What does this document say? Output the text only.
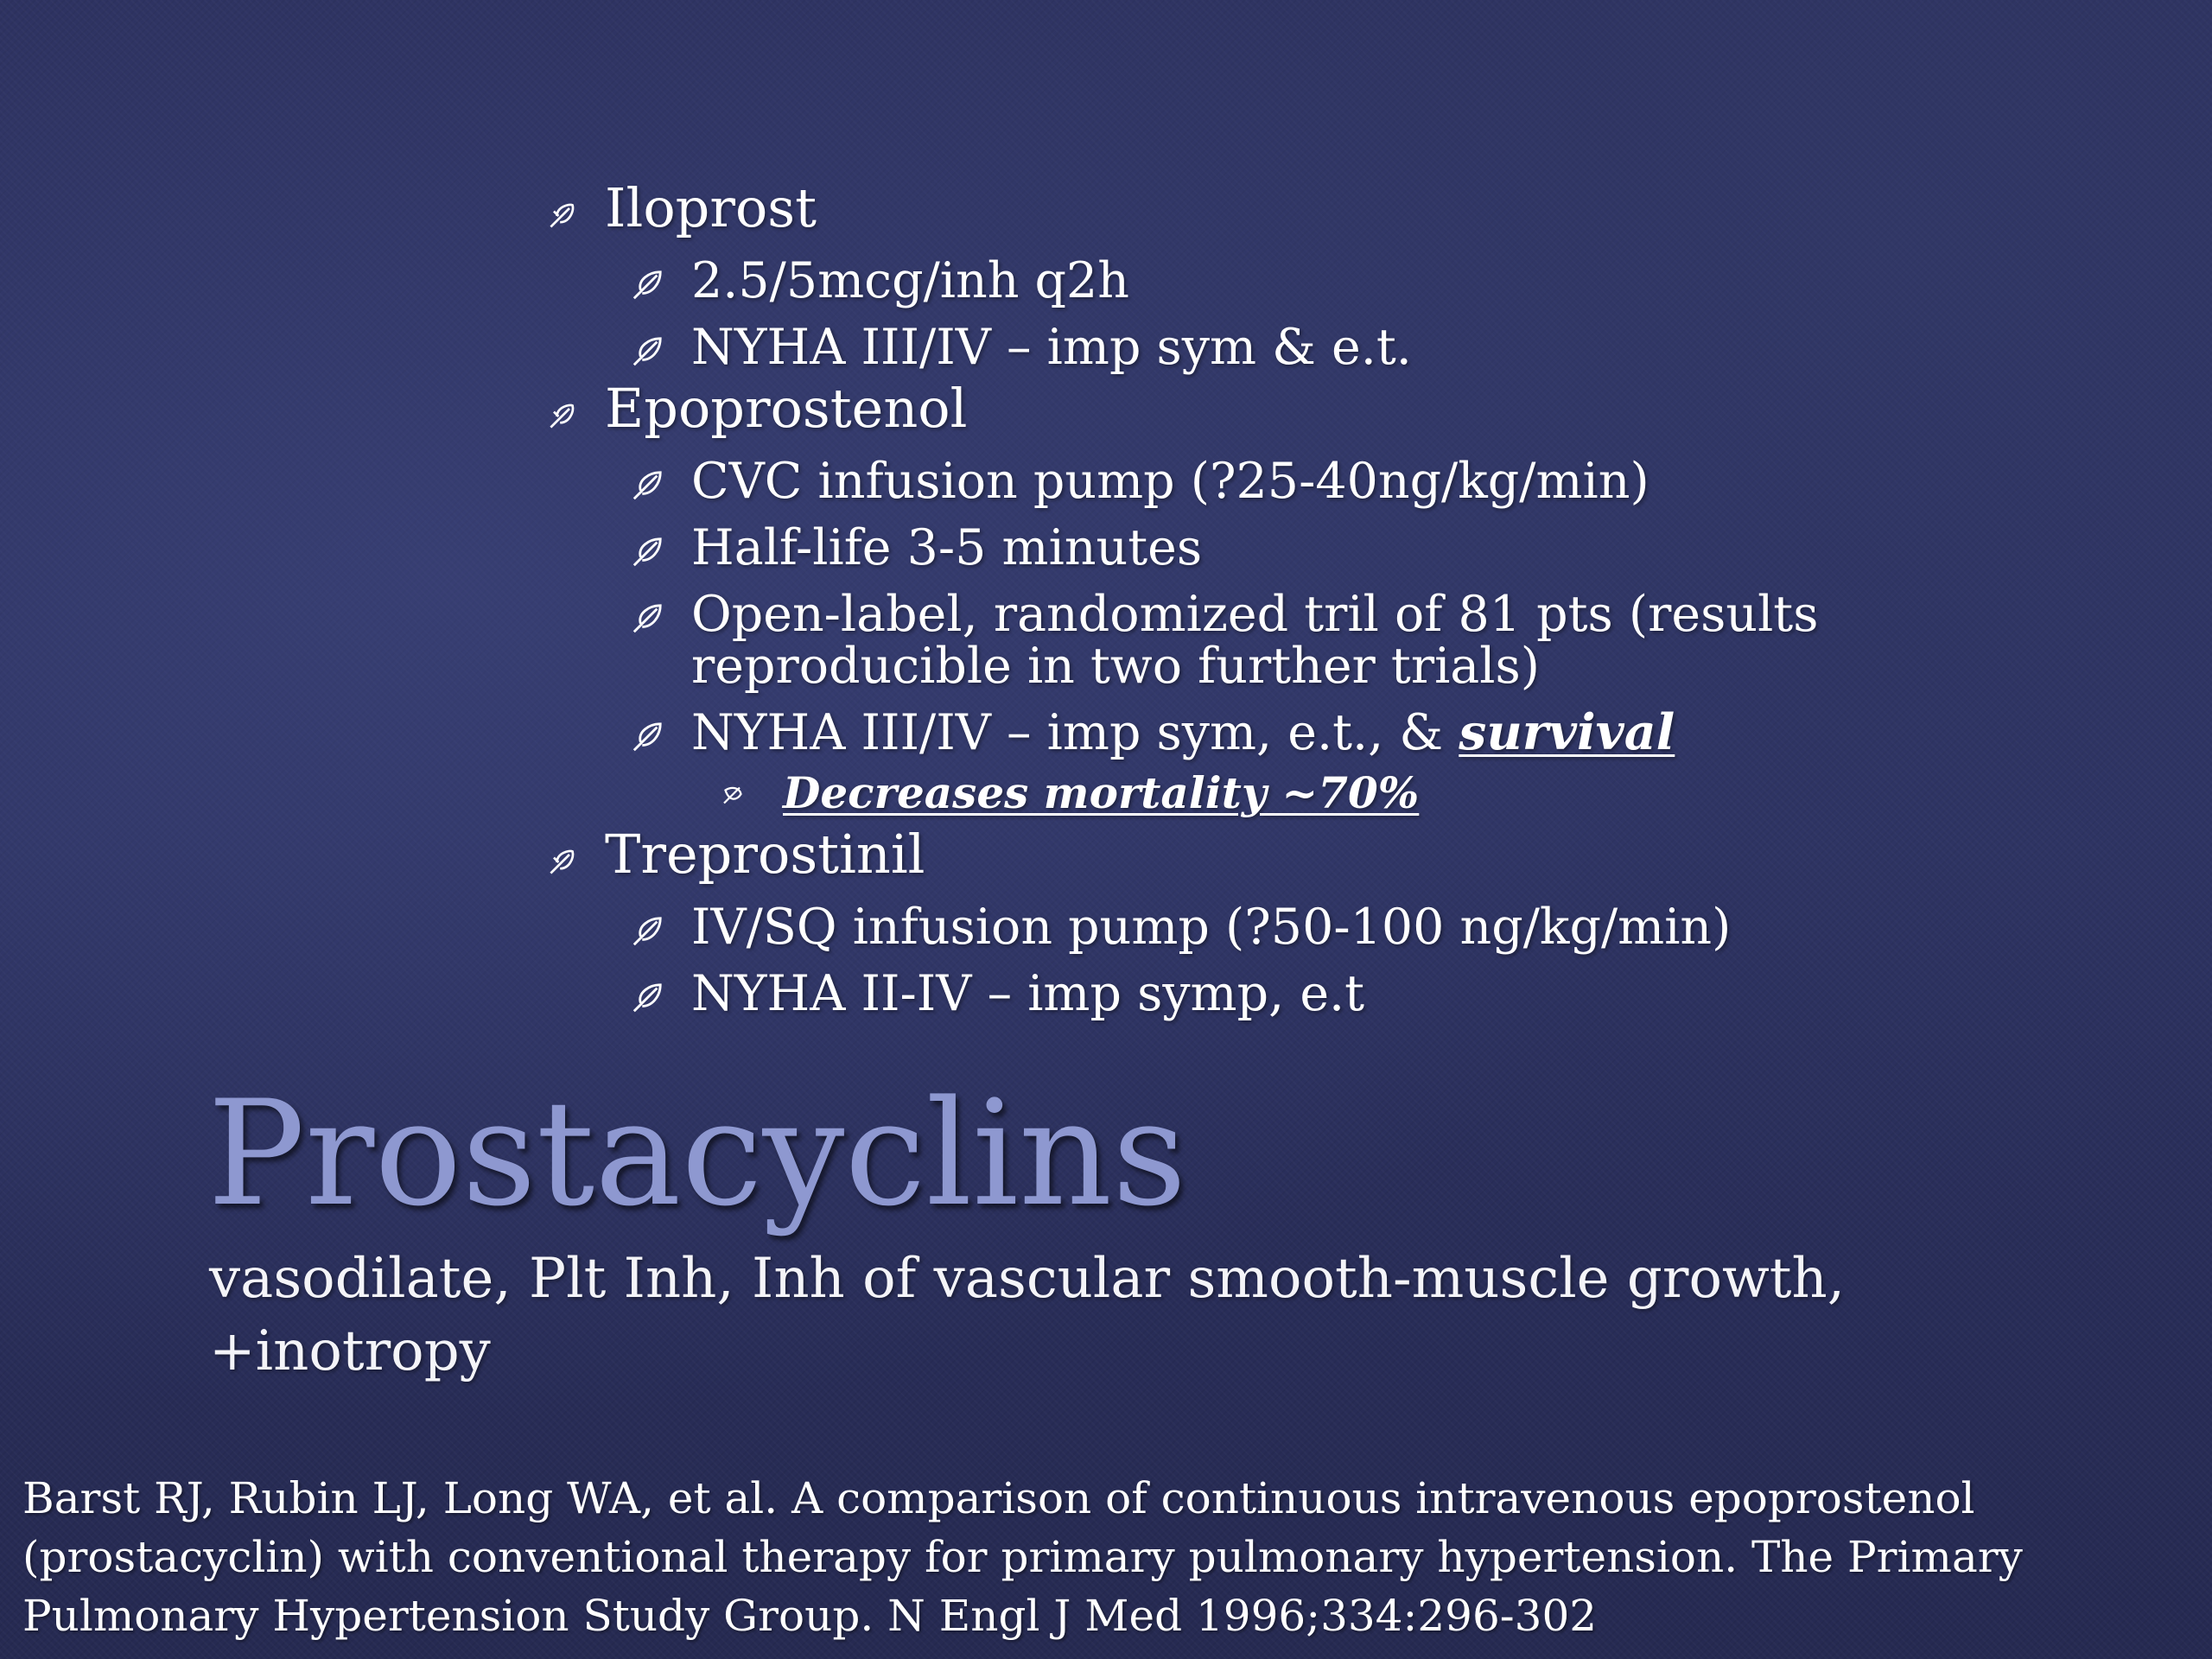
Iloprost
2.5/5mcg/inh q2h
NYHA III/IV – imp sym & e.t.
Epoprostenol
CVC infusion pump (?25-40ng/kg/min)
Half-life 3-5 minutes
Open-label, randomized tril of 81 pts (results reproducible in two further trials)
NYHA III/IV – imp sym, e.t., & survival
Decreases mortality ~70%
Treprostinil
IV/SQ infusion pump (?50-100 ng/kg/min)
NYHA II-IV – imp symp, e.t
Prostacyclins

vasodilate, Plt Inh, Inh of vascular smooth-muscle growth, +inotropy

Barst RJ, Rubin LJ, Long WA, et al. A comparison of continuous intravenous epoprostenol (prostacyclin) with conventional therapy for primary pulmonary hypertension. The Primary Pulmonary Hypertension Study Group. N Engl J Med 1996;334:296-302
